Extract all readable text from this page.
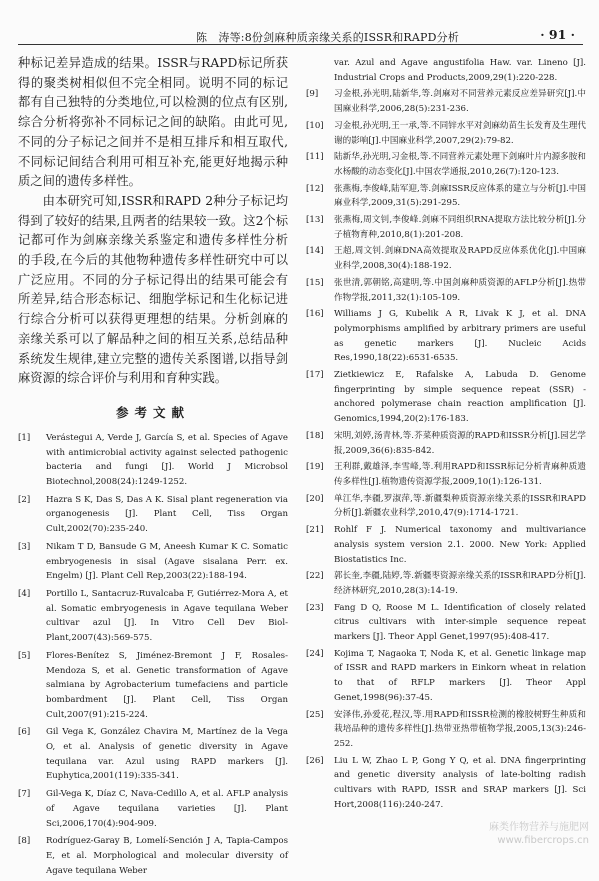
陈　涛等:8份剑麻种质亲缘关系的ISSR和RAPD分析	· 91 ·

种标记差异造成的结果。ISSR与RAPD标记所获得的聚类树相似但不完全相同。说明不同的标记都有自己独特的分类地位,可以检测的位点有区别,综合分析将弥补不同标记之间的缺陷。由此可见,不同的分子标记之间并不是相互排斥和相互取代,不同标记间结合利用可相互补充,能更好地揭示种质之间的遗传多样性。

由本研究可知,ISSR和RAPD 2种分子标记均得到了较好的结果,且两者的结果较一致。这2个标记都可作为剑麻亲缘关系鉴定和遗传多样性分析的手段,在今后的其他物种遗传多样性研究中可以广泛应用。不同的分子标记得出的结果可能会有所差异,结合形态标记、细胞学标记和生化标记进行综合分析可以获得更理想的结果。分析剑麻的亲缘关系可以了解品种之间的相互关系,总结品种系统发生规律,建立完整的遗传关系图谱,以指导剑麻资源的综合评价与利用和育种实践。

参考文献
[1]	Verástegui A, Verde J, García S, et al. Species of Agave with antimicrobial activity against selected pathogenic bacteria and fungi [J]. World J Microbsol Biotechnol,2008(24):1249-1252.
[2]	Hazra S K, Das S, Das A K. Sisal plant regeneration via organogenesis [J]. Plant Cell, Tiss Organ Cult,2002(70):235-240.
[3]	Nikam T D, Bansude G M, Aneesh Kumar K C. Somatic embryogenesis in sisal (Agave sisalana Perr. ex. Engelm) [J]. Plant Cell Rep,2003(22):188-194.
[4]	Portillo L, Santacruz-Ruvalcaba F, Gutiérrez-Mora A, et al. Somatic embryogenesis in Agave tequilana Weber cultivar azul [J]. In Vitro Cell Dev Biol-Plant,2007(43):569-575.
[5]	Flores-Benítez S, Jiménez-Bremont J F, Rosales-Mendoza S, et al. Genetic transformation of Agave salmiana by Agrobacterium tumefaciens and particle bombardment [J]. Plant Cell, Tiss Organ Cult,2007(91):215-224.
[6]	Gil Vega K, González Chavira M, Martínez de la Vega O, et al. Analysis of genetic diversity in Agave tequilana var. Azul using RAPD markers [J]. Euphytica,2001(119):335-341.
[7]	Gil-Vega K, Díaz C, Nava-Cedillo A, et al. AFLP analysis of Agave tequilana varieties [J]. Plant Sci,2006,170(4):904-909.
[8]	Rodríguez-Garay B, Lomelí-Sención J A, Tapia-Campos E, et al. Morphological and molecular diversity of Agave tequilana Weber
var. Azul and Agave angustifolia Haw. var. Lineno [J]. Industrial Crops and Products,2009,29(1):220-228.
[9]	习金根,孙光明,陆新华,等.剑麻对不同营养元素反应差异研究[J].中国麻业科学,2006,28(5):231-236.
[10]	习金根,孙光明,王一承,等.不同锌水平对剑麻幼苗生长发育及生理代谢的影响[J].中国麻业科学,2007,29(2):79-82.
[11]	陆新华,孙光明,习金根,等.不同营养元素处理下剑麻叶片内源多胺和水杨酸的动态变化[J].中国农学通报,2010,26(7):120-123.
[12]	张燕梅,李俊峰,陆军迎,等.剑麻ISSR反应体系的建立与分析[J].中国麻业科学,2009,31(5):291-295.
[13]	张燕梅,周文钊,李俊峰.剑麻不同组织RNA提取方法比较分析[J].分子植物育种,2010,8(1):201-208.
[14]	王超,周文钊.剑麻DNA高效提取及RAPD反应体系优化[J].中国麻业科学,2008,30(4):188-192.
[15]	张世清,郭朝铭,高建明,等.中国剑麻种质资源的AFLP分析[J].热带作物学报,2011,32(1):105-109.
[16]	Williams J G, Kubelik A R, Livak K J, et al. DNA polymorphisms amplified by arbitrary primers are useful as genetic markers [J]. Nucleic Acids Res,1990,18(22):6531-6535.
[17]	Zietkiewicz E, Rafalske A, Labuda D. Genome fingerprinting by simple sequence repeat (SSR) - anchored polymerase chain reaction amplification [J]. Genomics,1994,20(2):176-183.
[18]	宋明,刘婷,汤青林,等.芥菜种质资源的RAPD和ISSR分析[J].园艺学报,2009,36(6):835-842.
[19]	王利群,戴雄泽,李雪峰,等.利用RAPD和ISSR标记分析青麻种质遗传多样性[J].植物遗传资源学报,2009,10(1):126-131.
[20]	单江华,李疆,罗淑萍,等.新疆梨种质资源亲缘关系的ISSR和RAPD分析[J].新疆农业科学,2010,47(9):1714-1721.
[21]	Rohlf F J. Numerical taxonomy and multivariance analysis system version 2.1. 2000. New York: Applied Biostatistics Inc.
[22]	郭长奎,李疆,陆婷,等.新疆枣资源亲缘关系的ISSR和RAPD分析[J].经济林研究,2010,28(3):14-19.
[23]	Fang D Q, Roose M L. Identification of closely related citrus cultivars with inter-simple sequence repeat markers [J]. Theor Appl Genet,1997(95):408-417.
[24]	Kojima T, Nagaoka T, Noda K, et al. Genetic linkage map of ISSR and RAPD markers in Einkorn wheat in relation to that of RFLP markers [J]. Theor Appl Genet,1998(96):37-45.
[25]	安泽伟,孙爱花,程汉,等.用RAPD和ISSR检测的橡胶树野生种质和栽培品种的遗传多样性[J].热带亚热带植物学报,2005,13(3):246-252.
[26]	Liu L W, Zhao L P, Gong Y Q, et al. DNA fingerprinting and genetic diversity analysis of late-bolting radish cultivars with RAPD, ISSR and SRAP markers [J]. Sci Hort,2008(116):240-247.
麻类作物营养与施肥网
www.fibercrops.cn
